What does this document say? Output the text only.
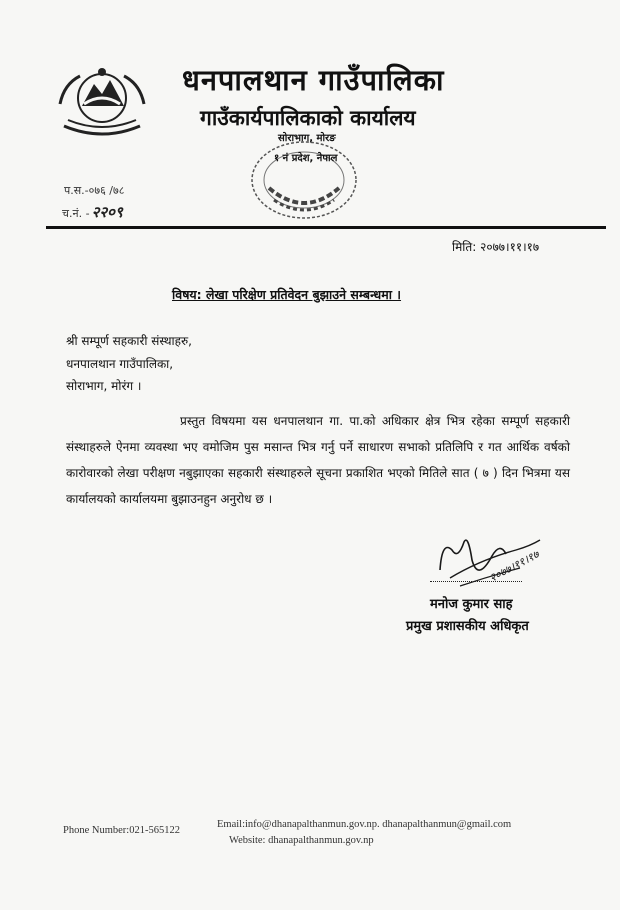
धनपालथान गाउँपालिका
गाउँकार्यपालिकाको कार्यालय
सोराभाग, मोरङ
१ नं प्रदेश, नेपाल
प.स.-०७६ /७८
च.नं. - २२०९
मिति: २०७७।११।१७
विषय: लेखा परिक्षेण प्रतिवेदन बुझाउने सम्बन्धमा ।
श्री सम्पूर्ण सहकारी संस्थाहरु,
धनपालथान गाउँपालिका,
सोराभाग, मोरंग ।

प्रस्तुत विषयमा यस धनपालथान गा. पा.को अधिकार क्षेत्र भित्र रहेका सम्पूर्ण सहकारी संस्थाहरुले ऐनमा व्यवस्था भए वमोजिम पुस मसान्त भित्र गर्नु पर्ने साधारण सभाको प्रतिलिपि र गत आर्थिक वर्षको कारोवारको लेखा परीक्षण नबुझाएका सहकारी संस्थाहरुले सूचना प्रकाशित भएको मितिले सात ( ७ ) दिन भित्रमा यस कार्यालयको कार्यालयमा बुझाउनहुन अनुरोध छ ।

२०७७।११।१७
मनोज कुमार साह
प्रमुख प्रशासकीय अधिकृत
Phone Number:021-565122
Email:info@dhanapalthanmun.gov.np. dhanapalthanmun@gmail.com
Website: dhanapalthanmun.gov.np
